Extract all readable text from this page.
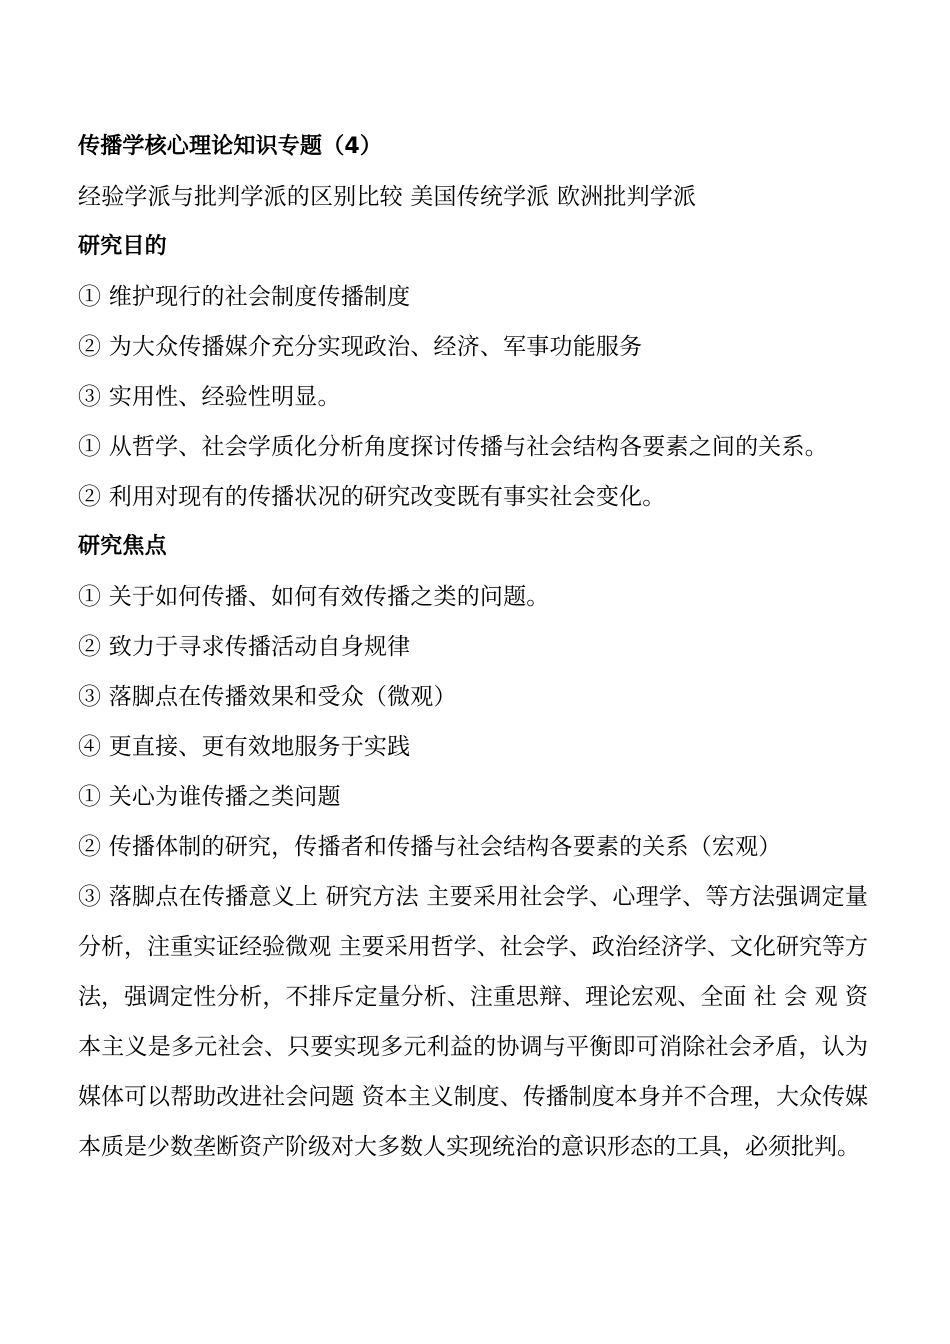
传播学核心理论知识专题（4）
经验学派与批判学派的区别比较 美国传统学派 欧洲批判学派
研究目的
① 维护现行的社会制度传播制度
② 为大众传播媒介充分实现政治、经济、军事功能服务
③ 实用性、经验性明显。
① 从哲学、社会学质化分析角度探讨传播与社会结构各要素之间的关系。
② 利用对现有的传播状况的研究改变既有事实社会变化。
研究焦点
① 关于如何传播、如何有效传播之类的问题。
② 致力于寻求传播活动自身规律
③ 落脚点在传播效果和受众（微观）
④ 更直接、更有效地服务于实践
① 关心为谁传播之类问题
② 传播体制的研究，传播者和传播与社会结构各要素的关系（宏观）
③ 落脚点在传播意义上 研究方法 主要采用社会学、心理学、等方法强调定量分析，注重实证经验微观 主要采用哲学、社会学、政治经济学、文化研究等方法，强调定性分析，不排斥定量分析、注重思辩、理论宏观、全面 社 会 观 资本主义是多元社会、只要实现多元利益的协调与平衡即可消除社会矛盾，认为媒体可以帮助改进社会问题 资本主义制度、传播制度本身并不合理，大众传媒本质是少数垄断资产阶级对大多数人实现统治的意识形态的工具，必须批判。
